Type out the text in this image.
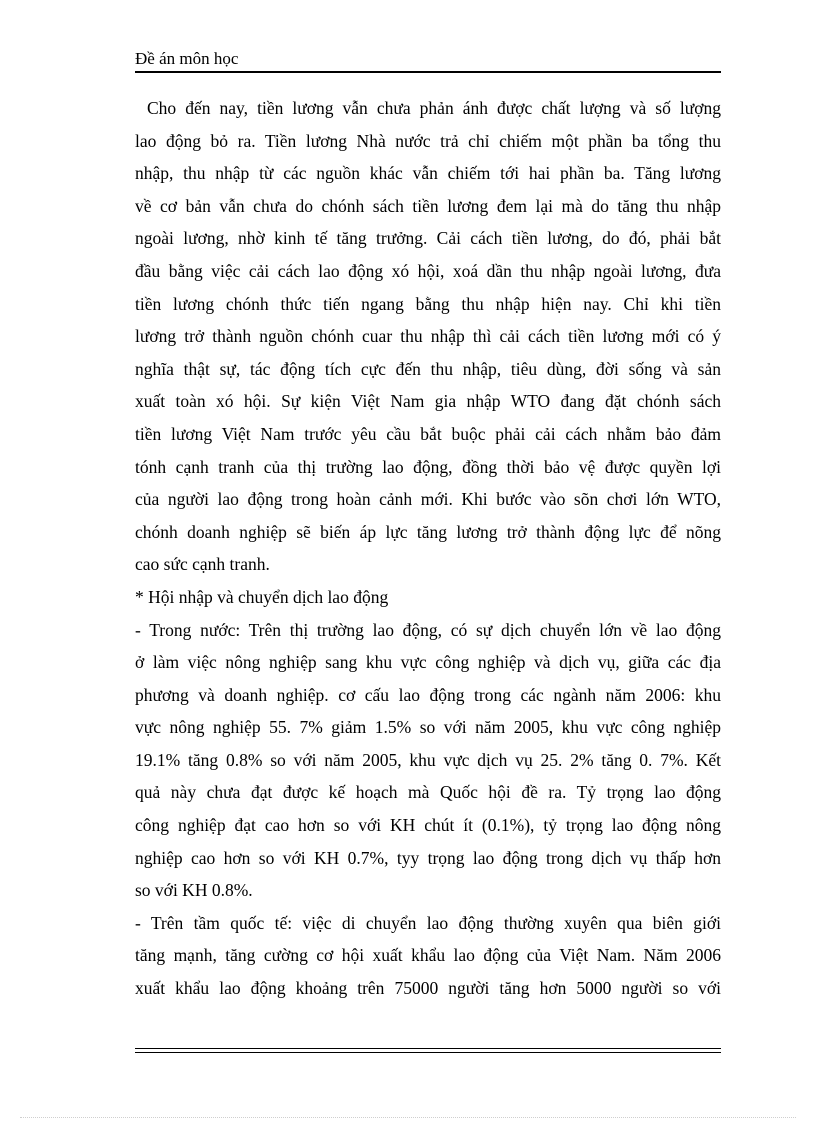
Đề án môn học
Cho đến nay, tiền lương vẫn chưa phản ánh được chất lượng và số lượng
lao động bỏ ra. Tiền lương Nhà nước trả chỉ chiếm một phần ba tổng thu
nhập, thu nhập từ các nguồn khác vẫn chiếm tới hai phần ba. Tăng lương
về cơ bản vẫn chưa do chónh sách tiền lương đem lại mà do tăng thu nhập
ngoài lương, nhờ kinh tế tăng trưởng. Cải cách tiền lương, do đó, phải bắt
đầu bằng việc cải cách lao động xó hội, xoá dần thu nhập ngoài lương, đưa
tiền lương chónh thức tiến ngang bằng thu nhập hiện nay. Chỉ khi tiền
lương trở thành nguồn chónh cuar thu nhập thì cải cách tiền lương mới có ý
nghĩa thật sự, tác động tích cực đến thu nhập, tiêu dùng, đời sống và sản
xuất toàn xó hội. Sự kiện Việt Nam gia nhập WTO đang đặt chónh sách
tiền lương Việt Nam trước yêu cầu bắt buộc phải cải cách nhằm bảo đảm
tónh cạnh tranh của thị trường lao động, đồng thời bảo vệ được quyền lợi
của người lao động trong hoàn cảnh mới. Khi bước vào sõn chơi lớn WTO,
chónh doanh nghiệp sẽ biến áp lực tăng lương trở thành động lực để nõng
cao sức cạnh tranh.
* Hội nhập và chuyển dịch lao động
- Trong nước: Trên thị trường lao động, có sự dịch chuyển lớn về lao động
ở làm việc nông nghiệp sang khu vực công nghiệp và dịch vụ, giữa các địa
phương và doanh nghiệp. cơ cấu lao động trong các ngành năm 2006: khu
vực nông nghiệp 55. 7% giảm 1.5% so với năm 2005, khu vực công nghiệp
19.1% tăng 0.8% so với năm 2005, khu vực dịch vụ 25. 2% tăng 0. 7%. Kết
quả này chưa đạt được kế hoạch mà Quốc hội đề ra. Tỷ trọng lao động
công nghiệp đạt cao hơn so với KH chút ít (0.1%), tỷ trọng lao động nông
nghiệp cao hơn so với KH 0.7%, tyy trọng lao động trong dịch vụ thấp hơn
so với KH 0.8%.
- Trên tầm quốc tế: việc di chuyển lao động thường xuyên qua biên giới
tăng mạnh, tăng cường cơ hội xuất khẩu lao động của Việt Nam. Năm 2006
xuất khẩu lao động khoảng trên 75000 người tăng hơn 5000 người so với
